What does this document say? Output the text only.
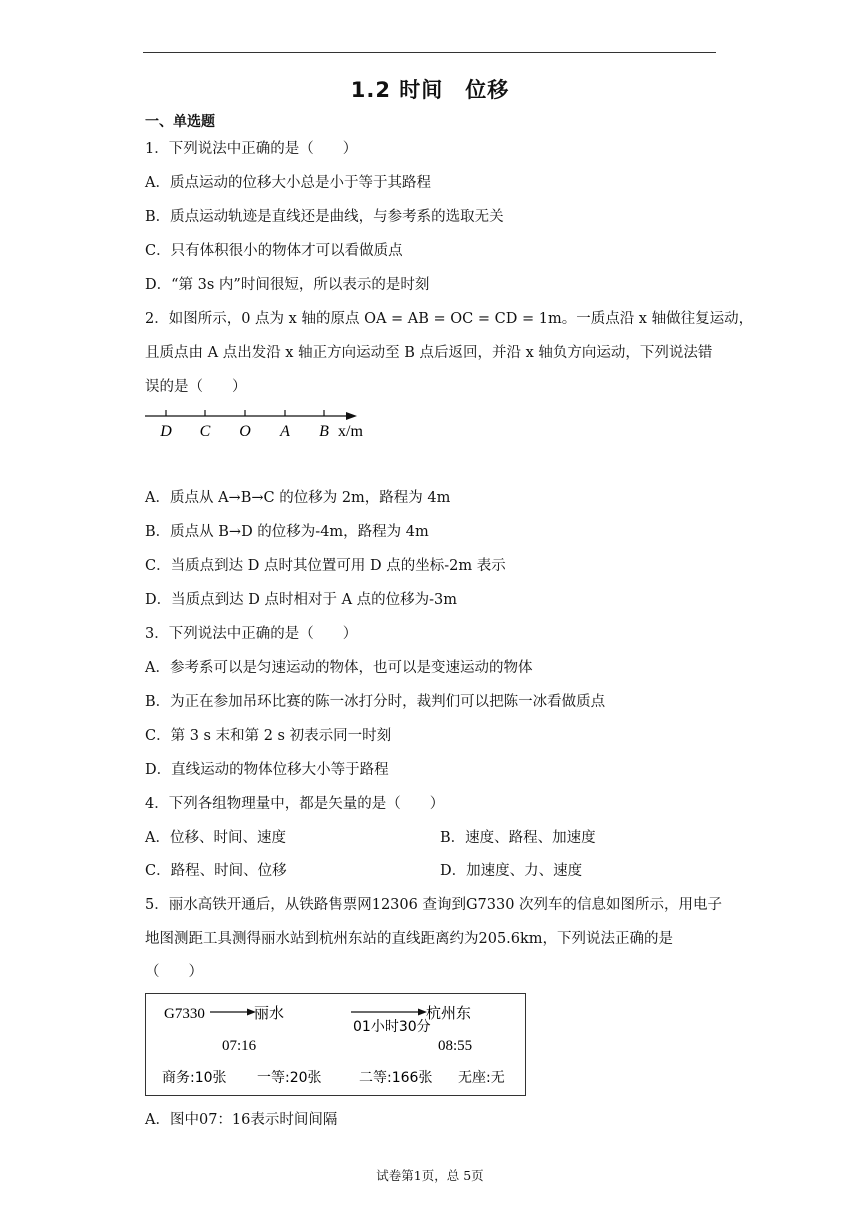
1.2 时间　位移
一、单选题
1．下列说法中正确的是（　　）
A．质点运动的位移大小总是小于等于其路程
B．质点运动轨迹是直线还是曲线，与参考系的选取无关
C．只有体积很小的物体才可以看做质点
D．“第 3s 内”时间很短，所以表示的是时刻
2．如图所示，0 点为 x 轴的原点 OA = AB = OC = CD = 1m。一质点沿 x 轴做往复运动，
且质点由 A 点出发沿 x 轴正方向运动至 B 点后返回，并沿 x 轴负方向运动，下列说法错
误的是（　　）
D C O A B x/m
A．质点从 A→B→C 的位移为 2m，路程为 4m
B．质点从 B→D 的位移为-4m，路程为 4m
C．当质点到达 D 点时其位置可用 D 点的坐标-2m 表示
D．当质点到达 D 点时相对于 A 点的位移为-3m
3．下列说法中正确的是（　　）
A．参考系可以是匀速运动的物体，也可以是变速运动的物体
B．为正在参加吊环比赛的陈一冰打分时，裁判们可以把陈一冰看做质点
C．第 3 s 末和第 2 s 初表示同一时刻
D．直线运动的物体位移大小等于路程
4．下列各组物理量中，都是矢量的是（　　）
A．位移、时间、速度	B．速度、路程、加速度
C．路程、时间、位移	D．加速度、力、速度
5．丽水高铁开通后，从铁路售票网12306 查询到G7330 次列车的信息如图所示，用电子
地图测距工具测得丽水站到杭州东站的直线距离约为205.6km，下列说法正确的是
（　　）
G7330	丽水
01小时30分
杭州东
07:16	08:55
商务:10张 一等:20张	二等:166张 无座:无
A．图中07：16表示时间间隔
试卷第1页，总 5页
